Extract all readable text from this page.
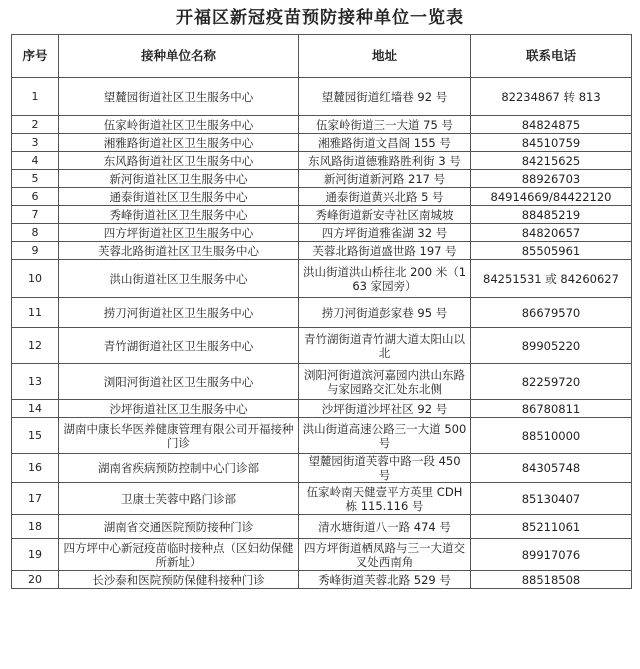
开福区新冠疫苗预防接种单位一览表
序号	接种单位名称	地址	联系电话
1	望麓园街道社区卫生服务中心	望麓园街道红墙巷 92 号	82234867 转 813
2	伍家岭街道社区卫生服务中心	伍家岭街道三一大道 75 号	84824875
3	湘雅路街道社区卫生服务中心	湘雅路街道文昌阁 155 号	84510759
4	东风路街道社区卫生服务中心	东风路街道德雅路胜利街 3 号	84215625
5	新河街道社区卫生服务中心	新河街道新河路 217 号	88926703
6	通泰街道社区卫生服务中心	通泰街道黄兴北路 5 号	84914669/84422120
7	秀峰街道社区卫生服务中心	秀峰街道新安寺社区南城坡	88485219
8	四方坪街道社区卫生服务中心	四方坪街道雅雀湖 32 号	84820657
9	芙蓉北路街道社区卫生服务中心	芙蓉北路街道盛世路 197 号	85505961
10	洪山街道社区卫生服务中心	洪山街道洪山桥往北 200 米（163 家园旁）	84251531 或 84260627
11	捞刀河街道社区卫生服务中心	捞刀河街道彭家巷 95 号	86679570
12	青竹湖街道社区卫生服务中心	青竹湖街道青竹湖大道太阳山以北	89905220
13	浏阳河街道社区卫生服务中心	浏阳河街道滨河嘉园内洪山东路与家园路交汇处东北侧	82259720
14	沙坪街道社区卫生服务中心	沙坪街道沙坪社区 92 号	86780811
15	湖南中康长华医养健康管理有限公司开福接种门诊	洪山街道高速公路三一大道 500 号	88510000
16	湖南省疾病预防控制中心门诊部	望麓园街道芙蓉中路一段 450 号	84305748
17	卫康士芙蓉中路门诊部	伍家岭南天健壹平方英里 CDH 栋 115.116 号	85130407
18	湖南省交通医院预防接种门诊	清水塘街道八一路 474 号	85211061
19	四方坪中心新冠疫苗临时接种点（区妇幼保健所新址）	四方坪街道栖凤路与三一大道交叉处西南角	89917076
20	长沙泰和医院预防保健科接种门诊	秀峰街道芙蓉北路 529 号	88518508
